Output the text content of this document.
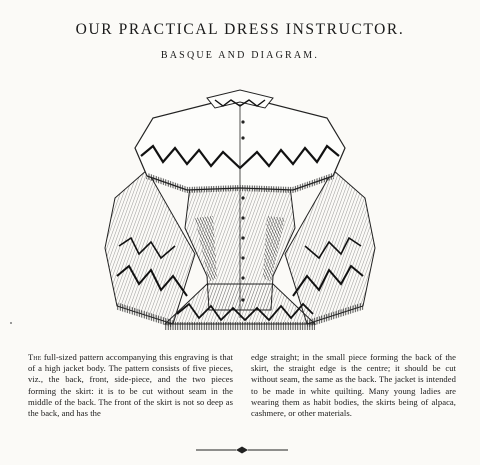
OUR PRACTICAL DRESS INSTRUCTOR.
BASQUE AND DIAGRAM.
The full-sized pattern accompanying this engraving is that of a high jacket body. The pattern consists of five pieces, viz., the back, front, side-piece, and the two pieces forming the skirt: it is to be cut without seam in the middle of the back. The front of the skirt is not so deep as the back, and has the
edge straight; in the small piece forming the back of the skirt, the straight edge is the centre; it should be cut without seam, the same as the back. The jacket is intended to be made in white quilting. Many young ladies are wearing them as habit bodies, the skirts being of alpaca, cashmere, or other materials.
